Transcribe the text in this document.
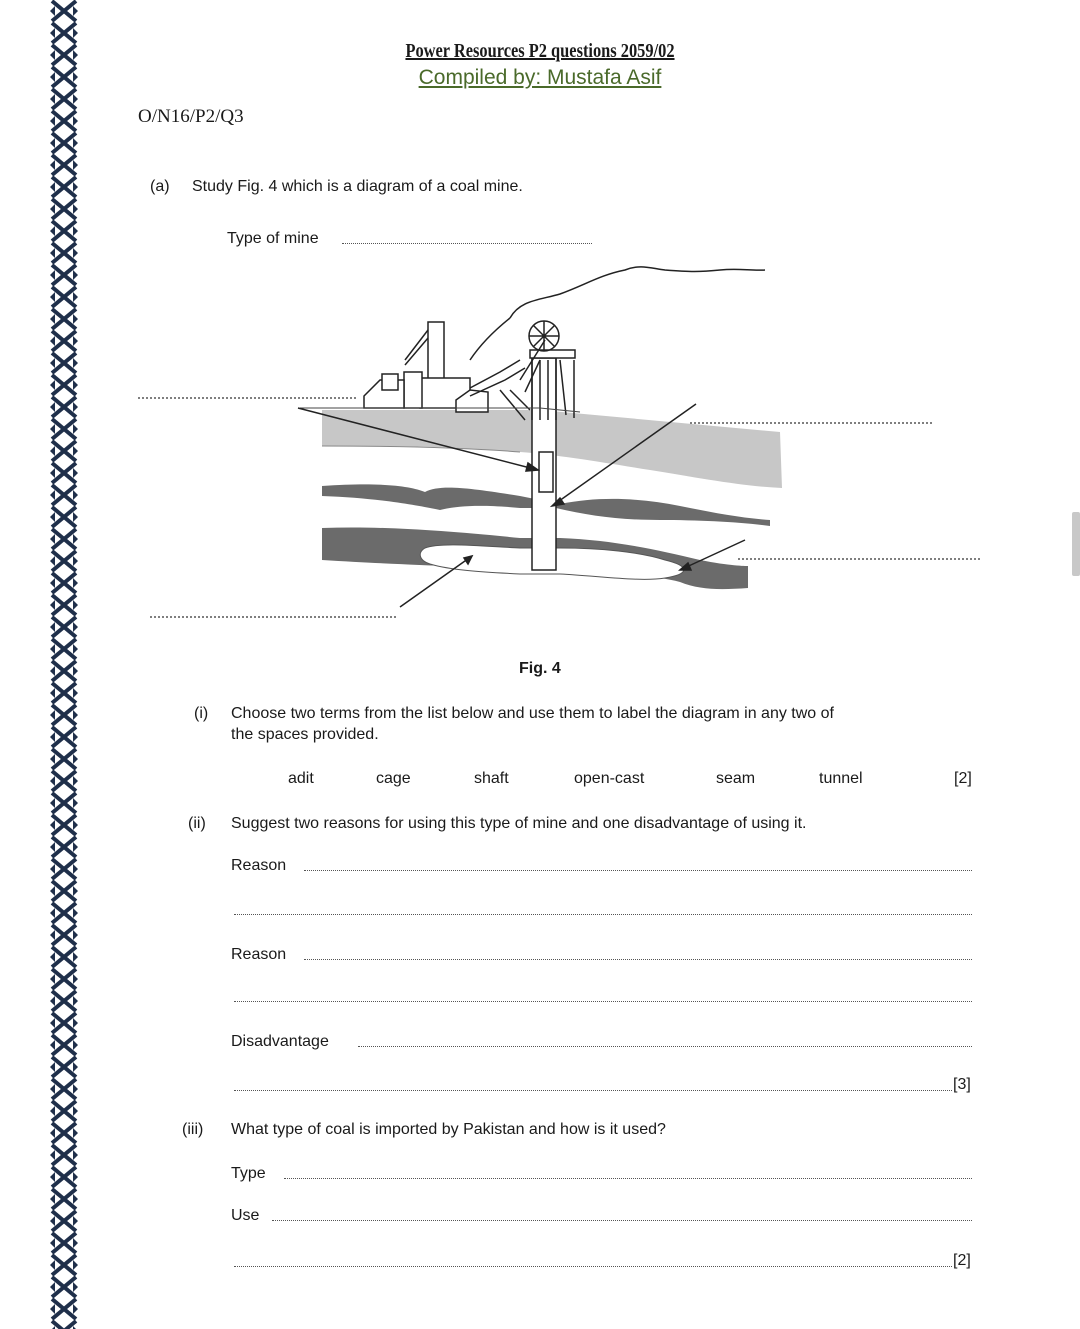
Power Resources P2 questions 2059/02
Compiled by: Mustafa Asif
O/N16/P2/Q3
(a) Study Fig. 4 which is a diagram of a coal mine.
Type of mine
Fig. 4
(i) Choose two terms from the list below and use them to label the diagram in any two of
the spaces provided.
adit	cage	shaft	open-cast	seam	tunnel	[2]
(ii) Suggest two reasons for using this type of mine and one disadvantage of using it.
Reason
Reason
Disadvantage
[3]
(iii) What type of coal is imported by Pakistan and how is it used?
Type
Use
[2]
